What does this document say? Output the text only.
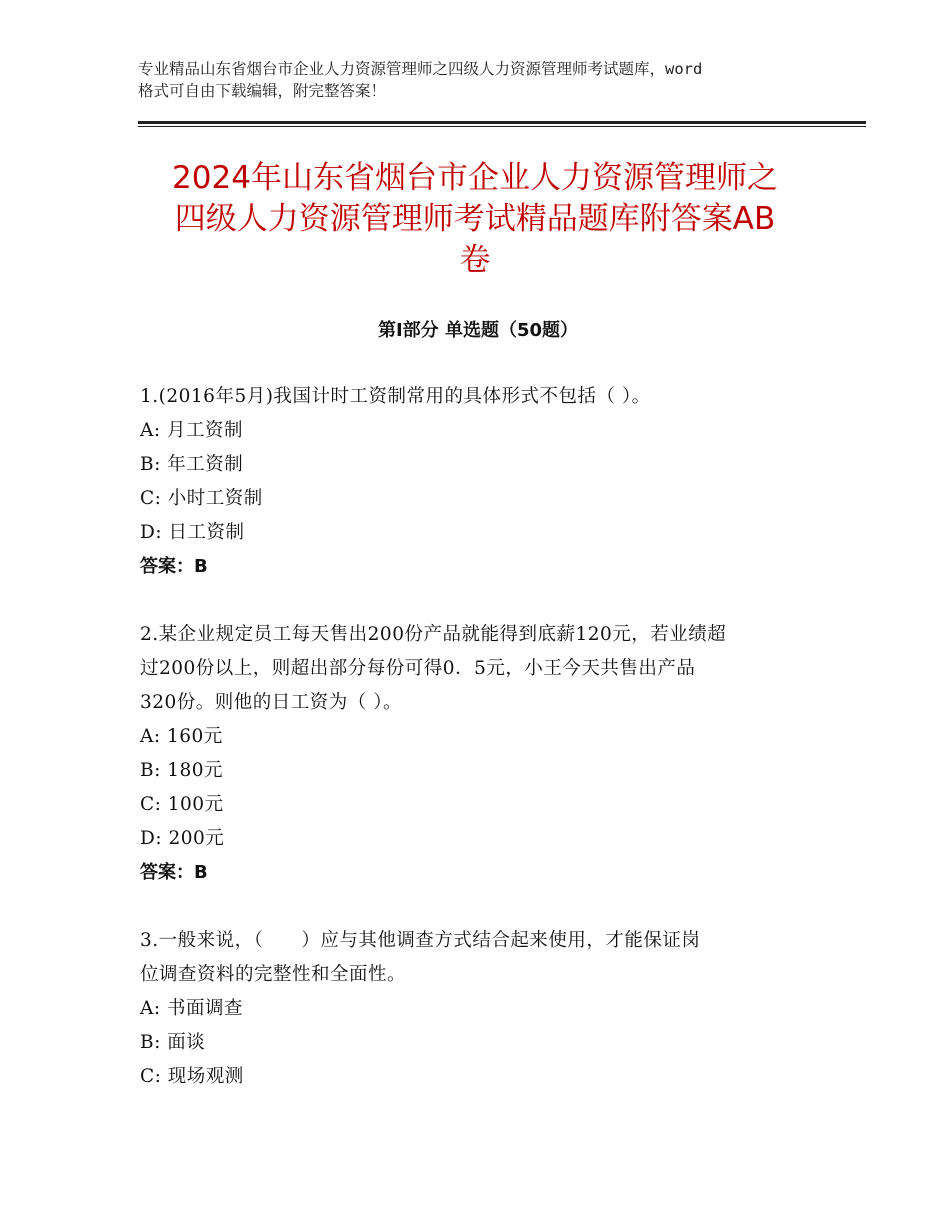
专业精品山东省烟台市企业人力资源管理师之四级人力资源管理师考试题库，word
格式可自由下载编辑，附完整答案！
2024年山东省烟台市企业人力资源管理师之
四级人力资源管理师考试精品题库附答案AB
卷
第Ⅰ部分 单选题（50题）
1.(2016年5月)我国计时工资制常用的具体形式不包括（ ）。
A: 月工资制
B: 年工资制
C: 小时工资制
D: 日工资制
答案：B
2.某企业规定员工每天售出200份产品就能得到底薪120元，若业绩超
过200份以上，则超出部分每份可得0．5元，小王今天共售出产品
320份。则他的日工资为（ ）。
A: 160元
B: 180元
C: 100元
D: 200元
答案：B
3.一般来说，（　　）应与其他调查方式结合起来使用，才能保证岗
位调查资料的完整性和全面性。
A: 书面调查
B: 面谈
C: 现场观测
